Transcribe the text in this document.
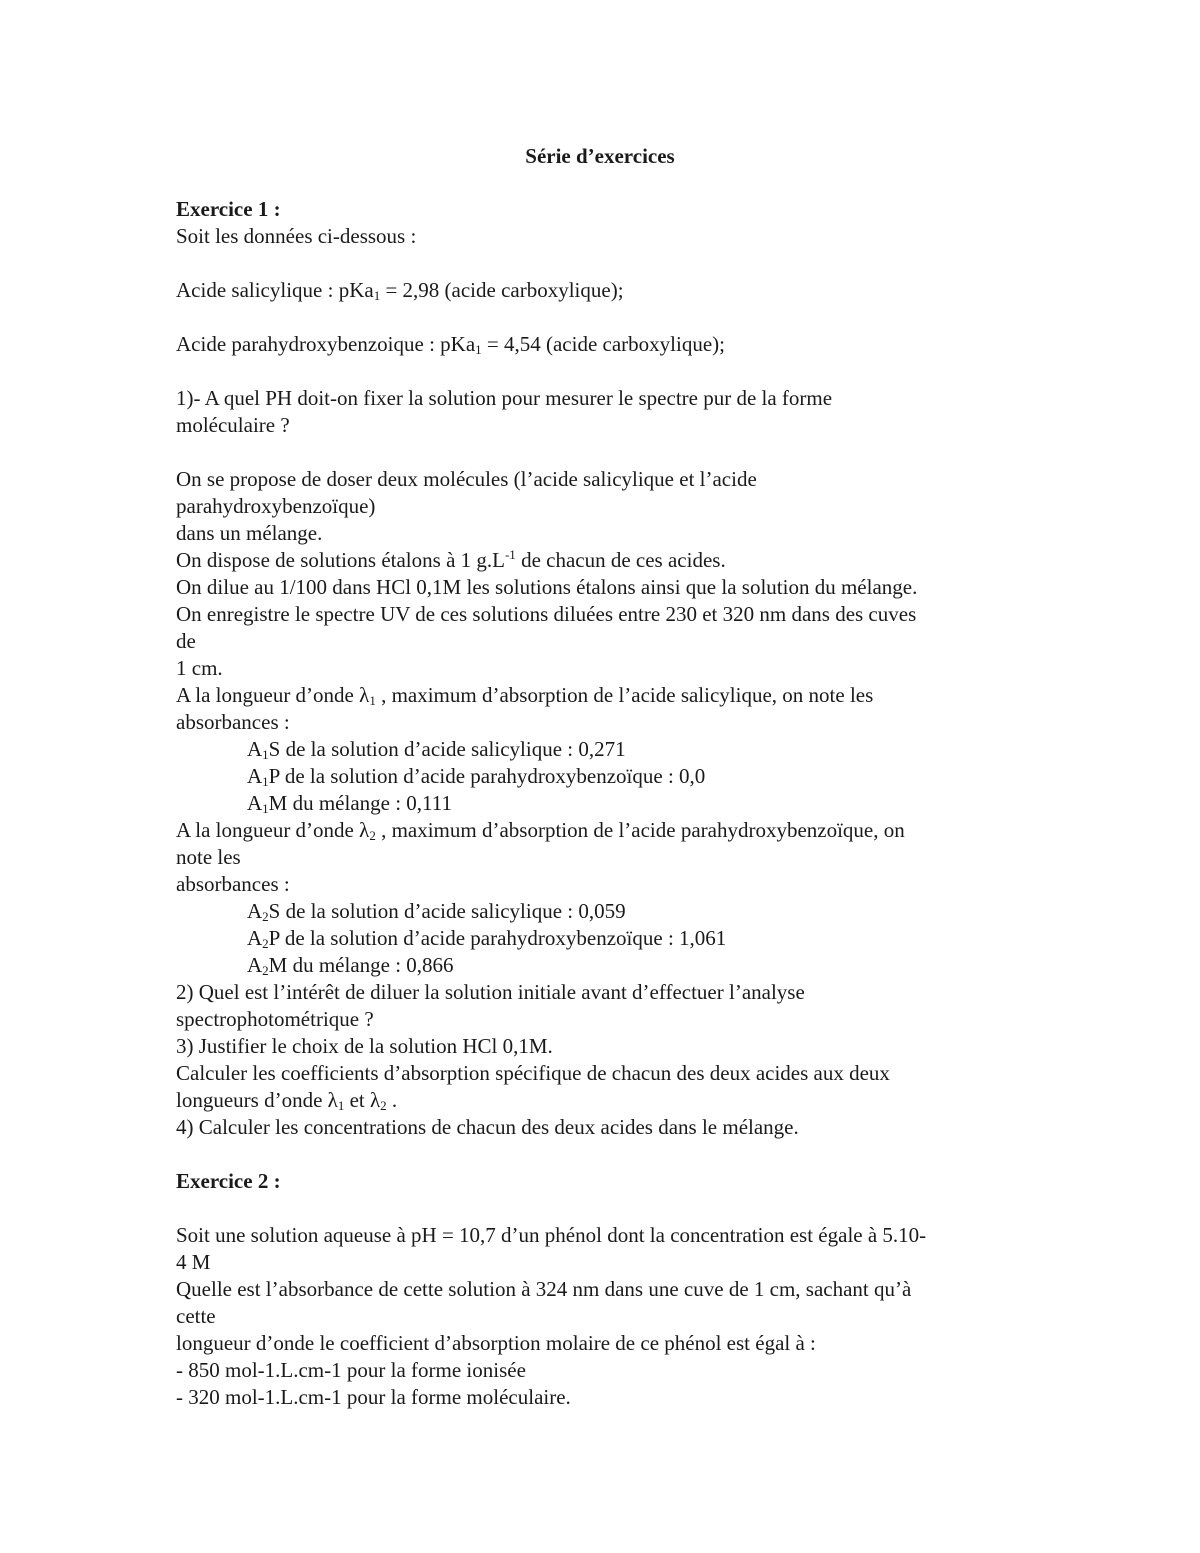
Série d’exercices
Exercice 1 :
Soit les données ci-dessous :
Acide salicylique : pKa$_1$ = 2,98 (acide carboxylique);
Acide parahydroxybenzoique : pKa$_1$ = 4,54 (acide carboxylique);
1)- A quel PH doit-on fixer la solution pour mesurer le spectre pur de la forme
moléculaire ?
On se propose de doser deux molécules (l’acide salicylique et l’acide
parahydroxybenzoïque)
dans un mélange.
On dispose de solutions étalons à 1 $g.L^{-1}$ de chacun de ces acides.
On dilue au 1/100 dans HCl 0,1M les solutions étalons ainsi que la solution du mélange.
On enregistre le spectre UV de ces solutions diluées entre 230 et 320 nm dans des cuves
de
1 cm.
A la longueur d’onde $\lambda_1$ , maximum d’absorption de l’acide salicylique, on note les
absorbances :
$A_1S$ de la solution d’acide salicylique : 0,271
$A_1P$ de la solution d’acide parahydroxybenzoïque : 0,0
$A_1M$ du mélange : 0,111
A la longueur d’onde $\lambda_2$ , maximum d’absorption de l’acide parahydroxybenzoïque, on
note les
absorbances :
$A_2S$ de la solution d’acide salicylique : 0,059
$A_2P$ de la solution d’acide parahydroxybenzoïque : 1,061
$A_2M$ du mélange : 0,866
2) Quel est l’intérêt de diluer la solution initiale avant d’effectuer l’analyse
spectrophotométrique ?
3) Justifier le choix de la solution HCl 0,1M.
Calculer les coefficients d’absorption spécifique de chacun des deux acides aux deux
longueurs d’onde $\lambda_1$ et $\lambda_2$ .
4) Calculer les concentrations de chacun des deux acides dans le mélange.
Exercice 2 :
Soit une solution aqueuse à pH = 10,7 d’un phénol dont la concentration est égale à 5.10-
4 M
Quelle est l’absorbance de cette solution à 324 nm dans une cuve de 1 cm, sachant qu’à
cette
longueur d’onde le coefficient d’absorption molaire de ce phénol est égal à :
- 850 mol-1.L.cm-1 pour la forme ionisée
- 320 mol-1.L.cm-1 pour la forme moléculaire.
